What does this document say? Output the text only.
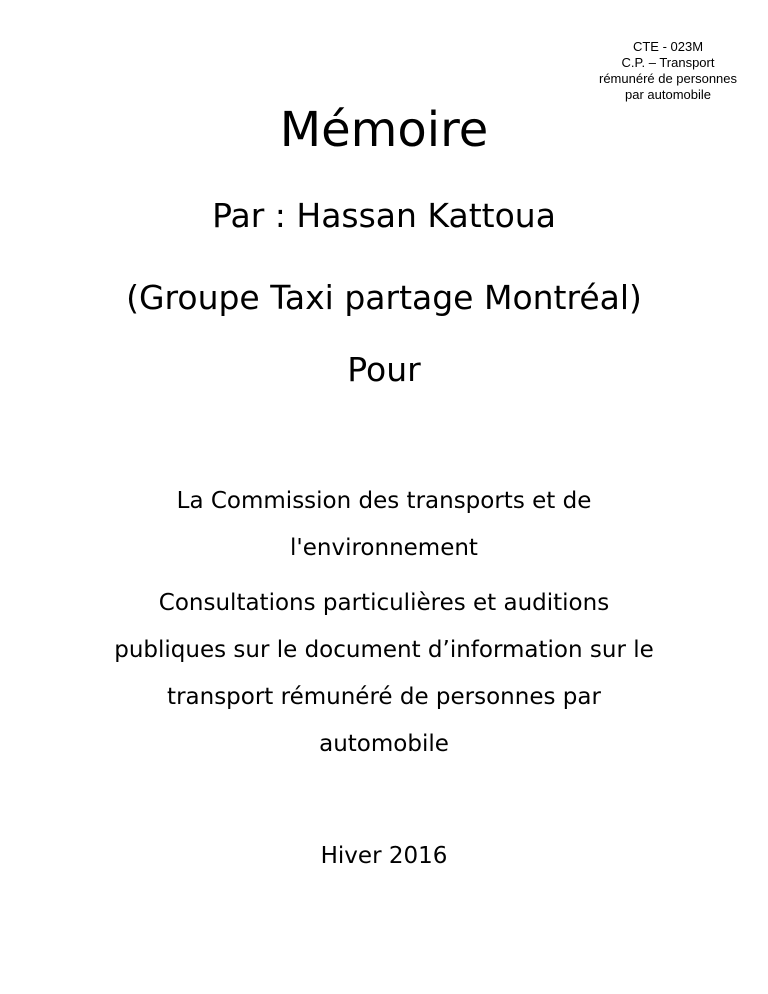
CTE - 023M
C.P. – Transport
rémunéré de personnes
par automobile
Mémoire
Par : Hassan Kattoua
(Groupe Taxi partage Montréal)
Pour
La Commission des transports et de
l'environnement
Consultations particulières et auditions
publiques sur le document d’information sur le
transport rémunéré de personnes par
automobile
Hiver 2016
